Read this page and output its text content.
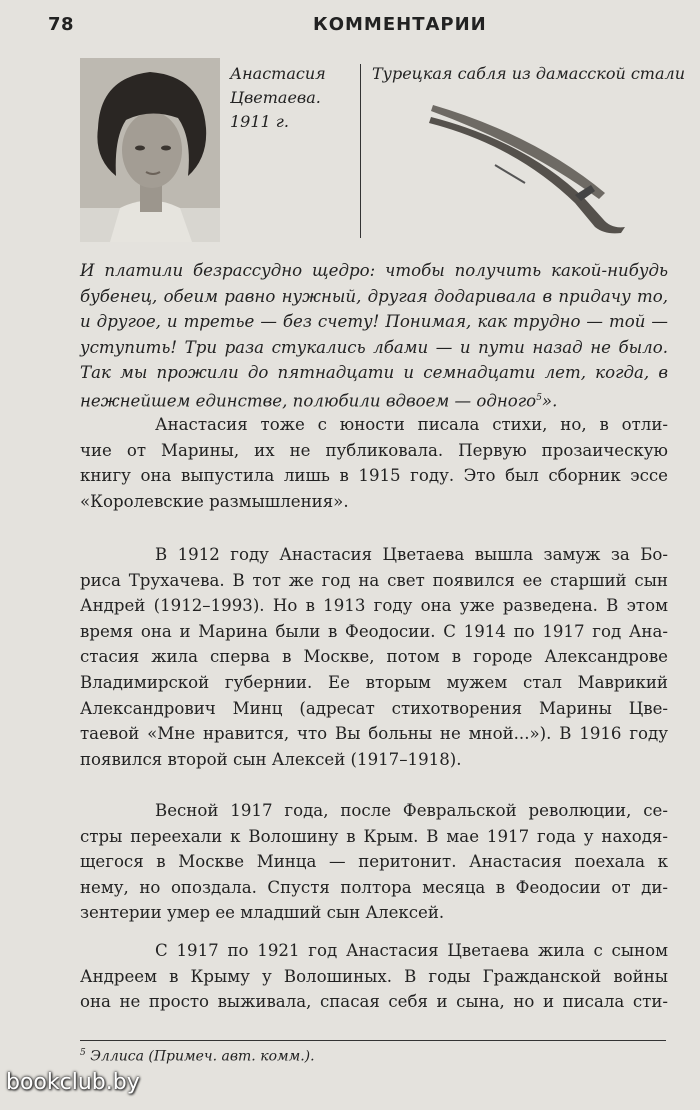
78	КОММЕНТАРИИ
Анастасия
Цветаева.
1911 г.
Турецкая сабля из дамасской стали
И платили безрассудно щедро: чтобы получить какой-нибудь
бубенец, обеим равно нужный, другая додаривала в придачу то,
и другое, и третье — без счету! Понимая, как трудно — той —
уступить! Три раза стукались лбами — и пути назад не было.
Так мы прожили до пятнадцати и семнадцати лет, когда, в
нежнейшем единстве, полюбили вдвоем — одного$^5$».
Анастасия тоже с юности писала стихи, но, в отли-
чие от Марины, их не публиковала. Первую прозаическую
книгу она выпустила лишь в 1915 году. Это был сборник эссе
«Королевские размышления».
В 1912 году Анастасия Цветаева вышла замуж за Бо-
риса Трухачева. В тот же год на свет появился ее старший сын
Андрей (1912–1993). Но в 1913 году она уже разведена. В этом
время она и Марина были в Феодосии. С 1914 по 1917 год Ана-
стасия жила сперва в Москве, потом в городе Александрове
Владимирской губернии. Ее вторым мужем стал Маврикий
Александрович Минц (адресат стихотворения Марины Цве-
таевой «Мне нравится, что Вы больны не мной...»). В 1916 году
появился второй сын Алексей (1917–1918).
Весной 1917 года, после Февральской революции, се-
стры переехали к Волошину в Крым. В мае 1917 года у находя-
щегося в Москве Минца — перитонит. Анастасия поехала к
нему, но опоздала. Спустя полтора месяца в Феодосии от ди-
зентерии умер ее младший сын Алексей.
С 1917 по 1921 год Анастасия Цветаева жила с сыном
Андреем в Крыму у Волошиных. В годы Гражданской войны
она не просто выживала, спасая себя и сына, но и писала сти-
$^5$ Эллиса (Примеч. авт. комм.).
bookclub.by
